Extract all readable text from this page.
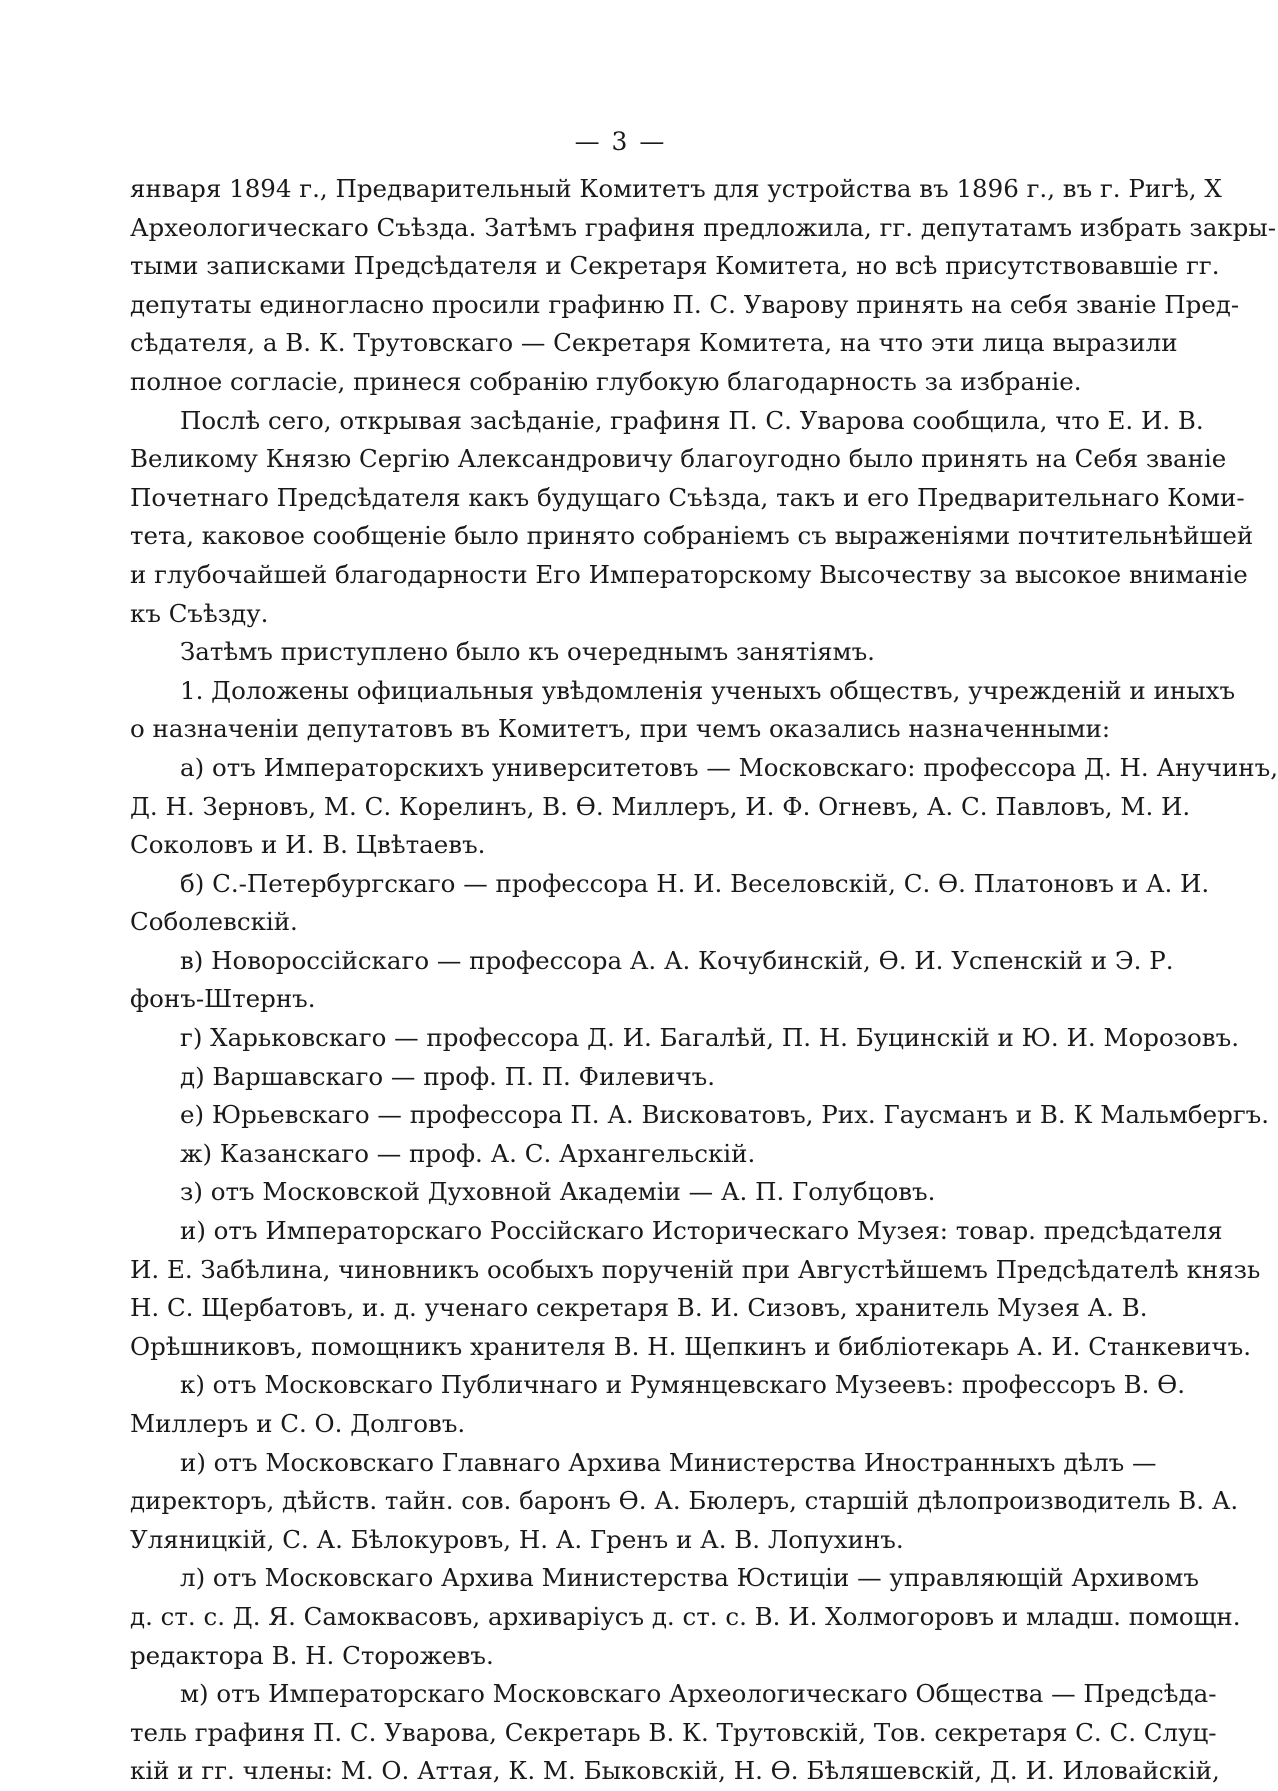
— 3 —
января 1894 г., Предварительный Комитетъ для устройства въ 1896 г., въ г. Ригѣ, X
Археологическаго Съѣзда. Затѣмъ графиня предложила, гг. депутатамъ избрать закры-
тыми записками Предсѣдателя и Секретаря Комитета, но всѣ присутствовавшіе гг.
депутаты единогласно просили графиню П. С. Уварову принять на себя званіе Пред-
сѣдателя, а В. К. Трутовскаго — Секретаря Комитета, на что эти лица выразили
полное согласіе, принеся собранію глубокую благодарность за избраніе.
Послѣ сего, открывая засѣданіе, графиня П. С. Уварова сообщила, что Е. И. В.
Великому Князю Сергію Александровичу благоугодно было принять на Себя званіе
Почетнаго Предсѣдателя какъ будущаго Съѣзда, такъ и его Предварительнаго Коми-
тета, каковое сообщеніе было принято собраніемъ съ выраженіями почтительнѣйшей
и глубочайшей благодарности Его Императорскому Высочеству за высокое вниманіе
къ Съѣзду.
Затѣмъ приступлено было къ очереднымъ занятіямъ.
1. Доложены официальныя увѣдомленія ученыхъ обществъ, учрежденій и иныхъ
о назначеніи депутатовъ въ Комитетъ, при чемъ оказались назначенными:
а) отъ Императорскихъ университетовъ — Московскаго: профессора Д. Н. Анучинъ,
Д. Н. Зерновъ, М. С. Корелинъ, В. Ѳ. Миллеръ, И. Ф. Огневъ, А. С. Павловъ, М. И.
Соколовъ и И. В. Цвѣтаевъ.
б) С.-Петербургскаго — профессора Н. И. Веселовскій, С. Ѳ. Платоновъ и А. И.
Соболевскій.
в) Новороссійскаго — профессора А. А. Кочубинскій, Ѳ. И. Успенскій и Э. Р.
фонъ-Штернъ.
г) Харьковскаго — профессора Д. И. Багалѣй, П. Н. Буцинскій и Ю. И. Морозовъ.
д) Варшавскаго — проф. П. П. Филевичъ.
е) Юрьевскаго — профессора П. А. Висковатовъ, Рих. Гаусманъ и В. К Мальмбергъ.
ж) Казанскаго — проф. А. С. Архангельскій.
з) отъ Московской Духовной Академіи — А. П. Голубцовъ.
и) отъ Императорскаго Россійскаго Историческаго Музея: товар. предсѣдателя
И. Е. Забѣлина, чиновникъ особыхъ порученій при Августѣйшемъ Предсѣдателѣ князь
Н. С. Щербатовъ, и. д. ученаго секретаря В. И. Сизовъ, хранитель Музея А. В.
Орѣшниковъ, помощникъ хранителя В. Н. Щепкинъ и библіотекарь А. И. Станкевичъ.
к) отъ Московскаго Публичнаго и Румянцевскаго Музеевъ: профессоръ В. Ѳ.
Миллеръ и С. О. Долговъ.
и) отъ Московскаго Главнаго Архива Министерства Иностранныхъ дѣлъ —
директоръ, дѣйств. тайн. сов. баронъ Ѳ. А. Бюлеръ, старшій дѣлопроизводитель В. А.
Уляницкій, С. А. Бѣлокуровъ, Н. А. Гренъ и А. В. Лопухинъ.
л) отъ Московскаго Архива Министерства Юстиціи — управляющій Архивомъ
д. ст. с. Д. Я. Самоквасовъ, архиваріусъ д. ст. с. В. И. Холмогоровъ и младш. помощн.
редактора В. Н. Сторожевъ.
м) отъ Императорскаго Московскаго Археологическаго Общества — Предсѣда-
тель графиня П. С. Уварова, Секретарь В. К. Трутовскій, Тов. секретаря С. С. Слуц-
кій и гг. члены: М. О. Аттая, К. М. Быковскій, Н. Ѳ. Бѣляшевскій, Д. И. Иловайскій,
